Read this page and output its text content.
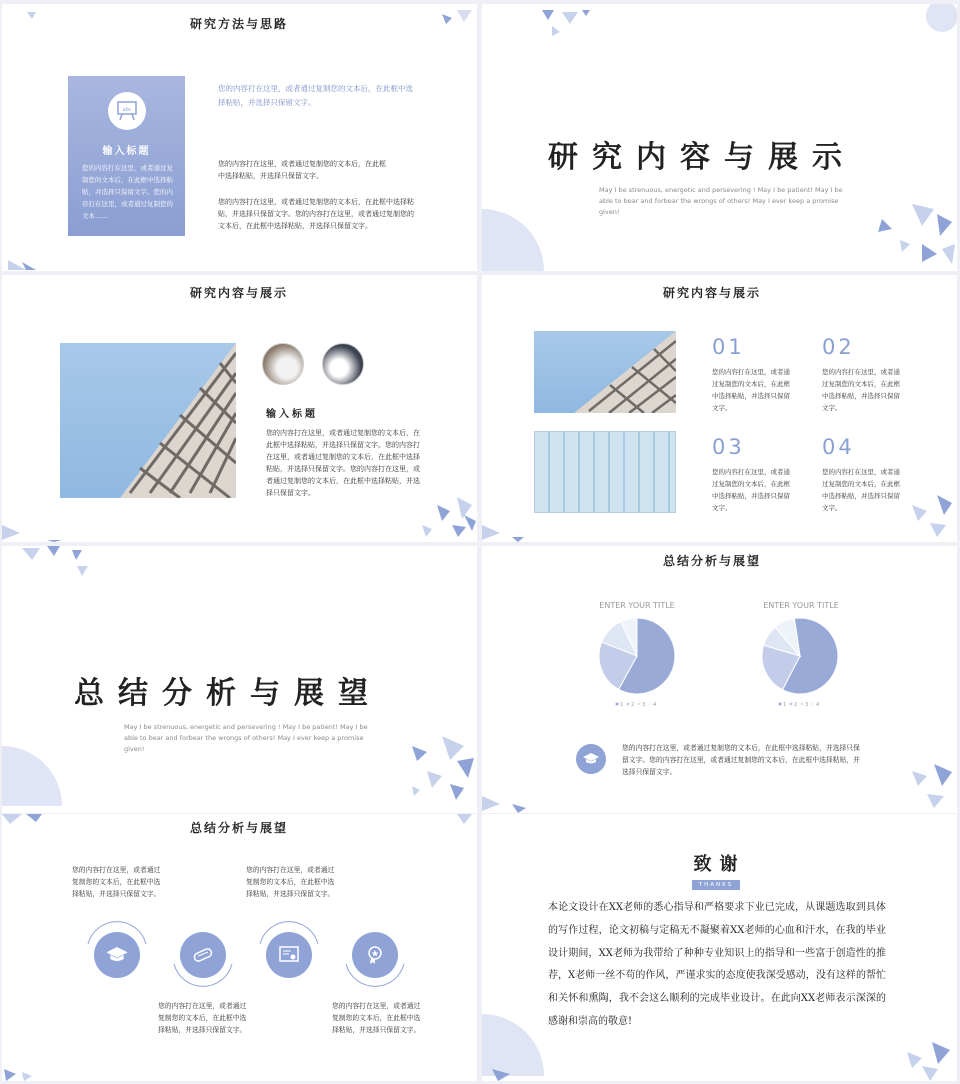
研究方法与思路
abc
输入标题
您的内容打在这里，或者通过复制您的文本后，在此框中选择粘贴，并选择只保留文字。您的内容打在这里，或者通过复制您的文本......
您的内容打在这里，或者通过复制您的文本后，在此框中选择粘贴，并选择只保留文字。
您的内容打在这里，或者通过复制您的文本后，在此框中选择粘贴，并选择只保留文字。
您的内容打在这里，或者通过复制您的文本后，在此框中选择粘贴，并选择只保留文字。您的内容打在这里，或者通过复制您的文本后，在此框中选择粘贴，并选择只保留文字。
研究内容与展示
May I be strenuous, energetic and persevering ! May I be patient! May I be able to bear and forbear the wrongs of others! May I ever keep a promise given!
研究内容与展示
输入标题
您的内容打在这里，或者通过复制您的文本后，在此框中选择粘贴，并选择只保留文字。您的内容打在这里，或者通过复制您的文本后，在此框中选择粘贴，并选择只保留文字。您的内容打在这里，或者通过复制您的文本后，在此框中选择粘贴，并选择只保留文字。
研究内容与展示
01
您的内容打在这里，或者通过复制您的文本后，在此框中选择粘贴，并选择只保留文字。
02
您的内容打在这里，或者通过复制您的文本后，在此框中选择粘贴，并选择只保留文字。
03
您的内容打在这里，或者通过复制您的文本后，在此框中选择粘贴，并选择只保留文字。
04
您的内容打在这里，或者通过复制您的文本后，在此框中选择粘贴，并选择只保留文字。
总结分析与展望
May I be strenuous, energetic and persevering ! May I be patient! May I be able to bear and forbear the wrongs of others! May I ever keep a promise given!
总结分析与展望
ENTER YOUR TITLE	ENTER YOUR TITLE
1 2 3 4	1 2 3 4
您的内容打在这里，或者通过复制您的文本后，在此框中选择粘贴，并选择只保留文字。您的内容打在这里，或者通过复制您的文本后，在此框中选择粘贴，并选择只保留文字。
总结分析与展望
您的内容打在这里，或者通过复制您的文本后，在此框中选择粘贴，并选择只保留文字。
您的内容打在这里，或者通过复制您的文本后，在此框中选择粘贴，并选择只保留文字。
您的内容打在这里，或者通过复制您的文本后，在此框中选择粘贴，并选择只保留文字。
您的内容打在这里，或者通过复制您的文本后，在此框中选择粘贴，并选择只保留文字。
致谢
THANKS
本论文设计在XX老师的悉心指导和严格要求下业已完成，从课题选取到具体的写作过程，论文初稿与定稿无不凝聚着XX老师的心血和汗水，在我的毕业设计期间，XX老师为我带给了种种专业知识上的指导和一些富于创造性的推荐，X老师一丝不苟的作风，严谨求实的态度使我深受感动，没有这样的帮忙和关怀和熏陶，我不会这么顺利的完成毕业设计。在此向XX老师表示深深的感谢和崇高的敬意!
